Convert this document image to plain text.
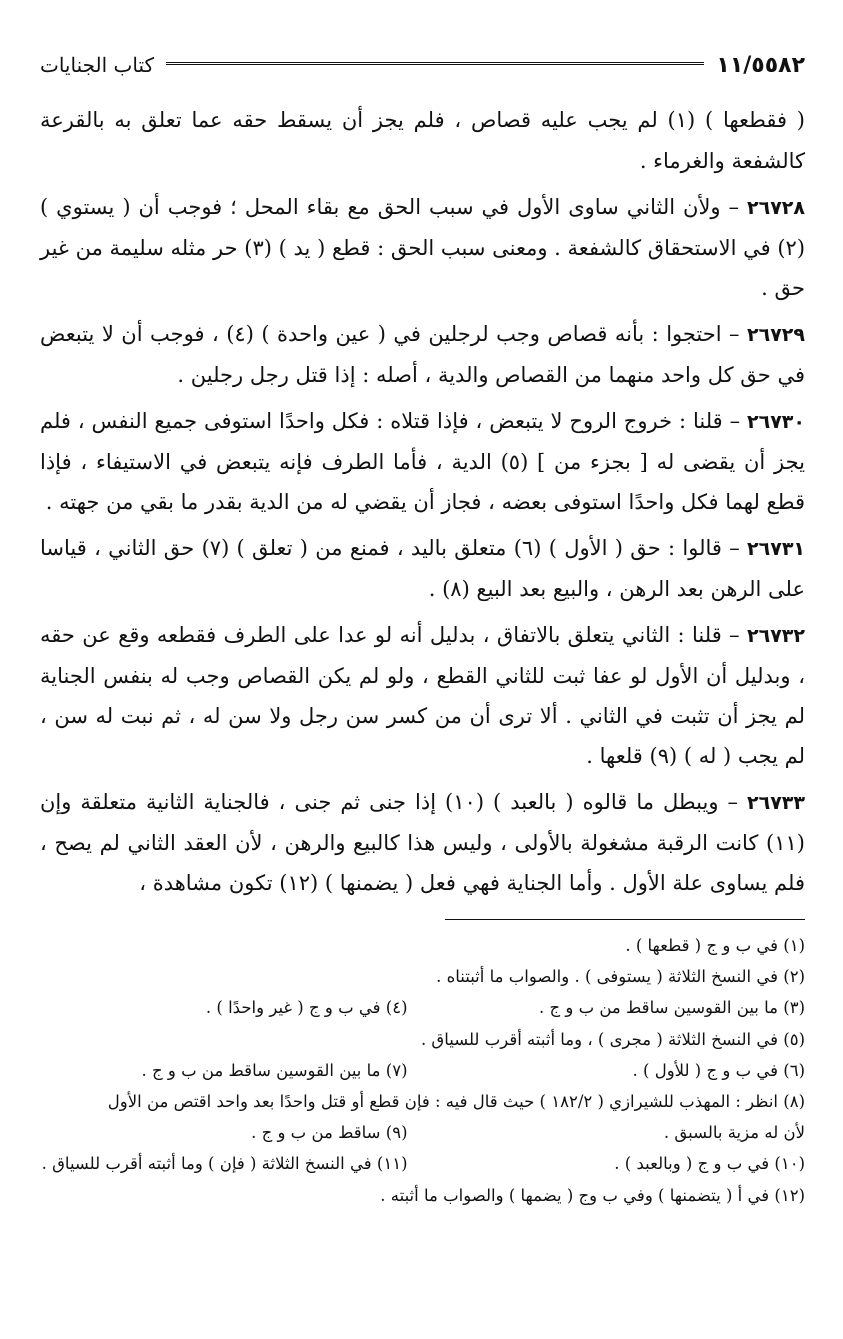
١١/٥٥٨٢
كتاب الجنايات

( فقطعها ) (١) لم يجب عليه قصاص ، فلم يجز أن يسقط حقه عما تعلق به بالقرعة كالشفعة والغرماء .

٢٦٧٢٨ – ولأن الثاني ساوى الأول في سبب الحق مع بقاء المحل ؛ فوجب أن ( يستوي ) (٢) في الاستحقاق كالشفعة . ومعنى سبب الحق : قطع ( يد ) (٣) حر مثله سليمة من غير حق .

٢٦٧٢٩ – احتجوا : بأنه قصاص وجب لرجلين في ( عين واحدة ) (٤) ، فوجب أن لا يتبعض في حق كل واحد منهما من القصاص والدية ، أصله : إذا قتل رجل رجلين .

٢٦٧٣٠ – قلنا : خروج الروح لا يتبعض ، فإذا قتلاه : فكل واحدًا استوفى جميع النفس ، فلم يجز أن يقضى له [ بجزء من ] (٥) الدية ، فأما الطرف فإنه يتبعض في الاستيفاء ، فإذا قطع لهما فكل واحدًا استوفى بعضه ، فجاز أن يقضي له من الدية بقدر ما بقي من جهته .

٢٦٧٣١ – قالوا : حق ( الأول ) (٦) متعلق باليد ، فمنع من ( تعلق ) (٧) حق الثاني ، قياسا على الرهن بعد الرهن ، والبيع بعد البيع (٨) .

٢٦٧٣٢ – قلنا : الثاني يتعلق بالاتفاق ، بدليل أنه لو عدا على الطرف فقطعه وقع عن حقه ، وبدليل أن الأول لو عفا ثبت للثاني القطع ، ولو لم يكن القصاص وجب له بنفس الجناية لم يجز أن تثبت في الثاني . ألا ترى أن من كسر سن رجل ولا سن له ، ثم نبت له سن ، لم يجب ( له ) (٩) قلعها .

٢٦٧٣٣ – ويبطل ما قالوه ( بالعبد ) (١٠) إذا جنى ثم جنى ، فالجناية الثانية متعلقة وإن (١١) كانت الرقبة مشغولة بالأولى ، وليس هذا كالبيع والرهن ، لأن العقد الثاني لم يصح ، فلم يساوى علة الأول . وأما الجناية فهي فعل ( يضمنها ) (١٢) تكون مشاهدة ،

(١) في ب و ج ( قطعها ) .
(٢) في النسخ الثلاثة ( يستوفى ) . والصواب ما أثبتناه .
(٣) ما بين القوسين ساقط من ب و ج .
(٤) في ب و ج ( غير واحدًا ) .
(٥) في النسخ الثلاثة ( مجرى ) ، وما أثبته أقرب للسياق .
(٦) في ب و ج ( للأول ) .
(٧) ما بين القوسين ساقط من ب و ج .
(٨) انظر : المهذب للشيرازي ( ١٨٢/٢ ) حيث قال فيه : فإن قطع أو قتل واحدًا بعد واحد اقتص من الأول
لأن له مزية بالسبق .
(٩) ساقط من ب و ج .
(١٠) في ب و ج ( وبالعبد ) .
(١١) في النسخ الثلاثة ( فإن ) وما أثبته أقرب للسياق .
(١٢) في أ ( يتضمنها ) وفي ب وج ( يضمها ) والصواب ما أثبته .
